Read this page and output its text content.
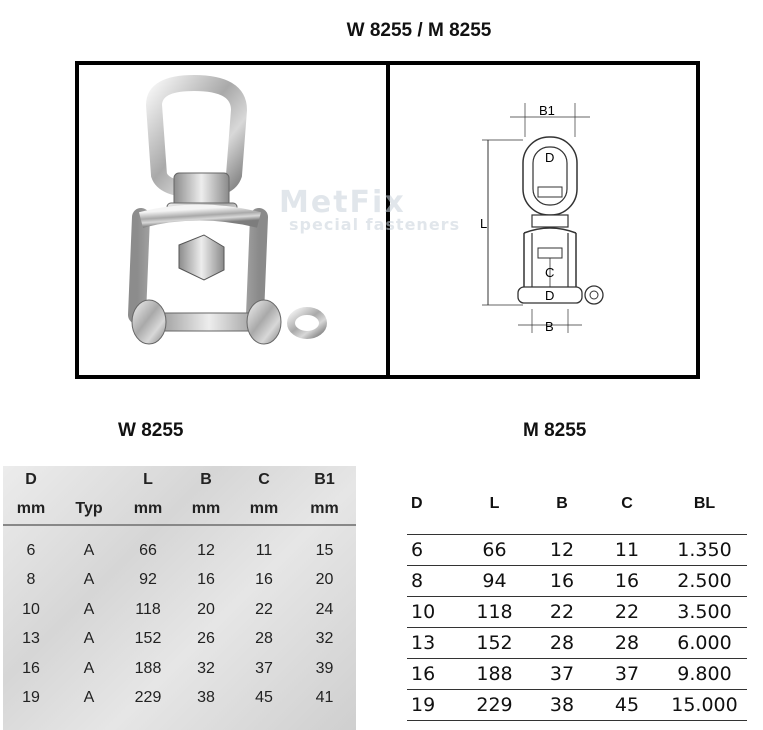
W 8255 / M 8255
L
B1
D
C
D
B
MetFix
special fasteners
W 8255	M 8255
D		L	B	C	B1
mm	Typ	mm	mm	mm	mm
6	A	66	12	11	15
8	A	92	16	16	20
10	A	118	20	22	24
13	A	152	26	28	32
16	A	188	32	37	39
19	A	229	38	45	41
D	L	B	C	BL
6	66	12	11	1.350
8	94	16	16	2.500
10	118	22	22	3.500
13	152	28	28	6.000
16	188	37	37	9.800
19	229	38	45	15.000
